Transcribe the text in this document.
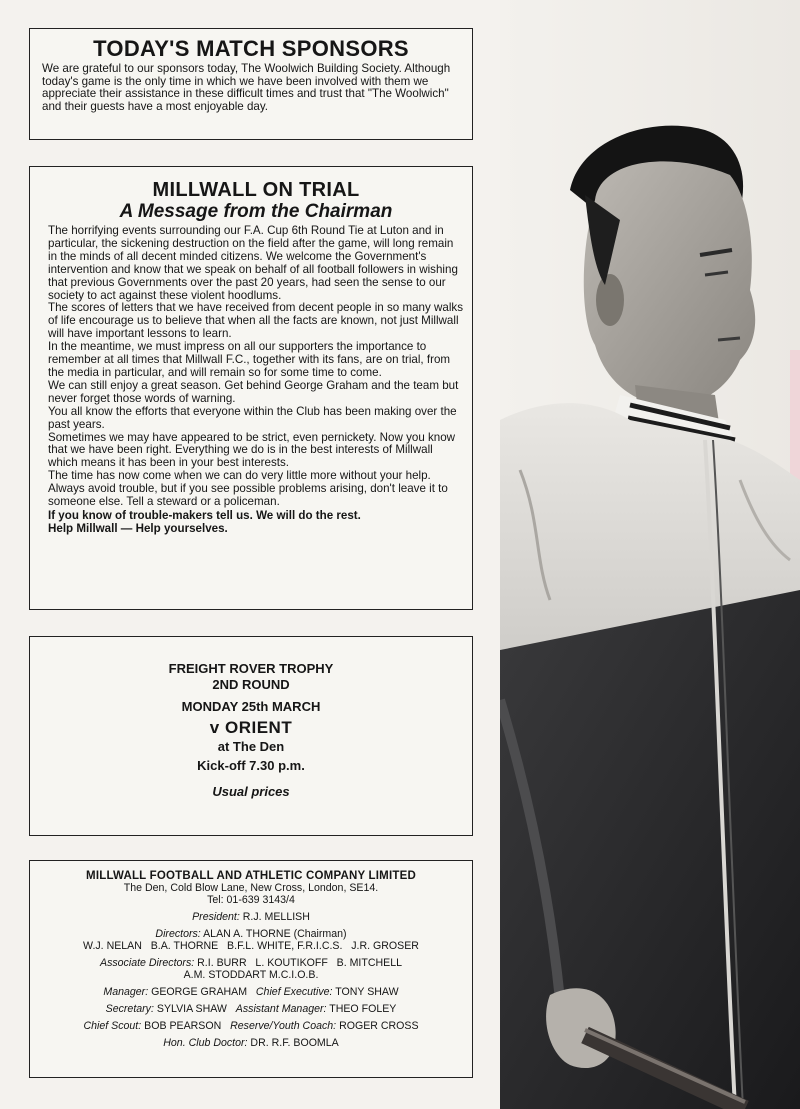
TODAY'S MATCH SPONSORS
We are grateful to our sponsors today, The Woolwich Building Society. Although today's game is the only time in which we have been involved with them we appreciate their assistance in these difficult times and trust that "The Woolwich" and their guests have a most enjoyable day.
MILLWALL ON TRIAL
A Message from the Chairman

The horrifying events surrounding our F.A. Cup 6th Round Tie at Luton and in particular, the sickening destruction on the field after the game, will long remain in the minds of all decent minded citizens. We welcome the Government's intervention and know that we speak on behalf of all football followers in wishing that previous Governments over the past 20 years, had seen the sense to our society to act against these violent hoodlums.

The scores of letters that we have received from decent people in so many walks of life encourage us to believe that when all the facts are known, not just Millwall will have important lessons to learn.

In the meantime, we must impress on all our supporters the importance to remember at all times that Millwall F.C., together with its fans, are on trial, from the media in particular, and will remain so for some time to come.

We can still enjoy a great season. Get behind George Graham and the team but never forget those words of warning.

You all know the efforts that everyone within the Club has been making over the past years.

Sometimes we may have appeared to be strict, even pernickety. Now you know that we have been right. Everything we do is in the best interests of Millwall which means it has been in your best interests.

The time has now come when we can do very little more without your help.

Always avoid trouble, but if you see possible problems arising, don't leave it to someone else. Tell a steward or a policeman.

If you know of trouble-makers tell us. We will do the rest.

Help Millwall — Help yourselves.

FREIGHT ROVER TROPHY
2ND ROUND
MONDAY 25th MARCH
v ORIENT
at The Den
Kick-off 7.30 p.m.
Usual prices
MILLWALL FOOTBALL AND ATHLETIC COMPANY LIMITED
The Den, Cold Blow Lane, New Cross, London, SE14.
Tel: 01-639 3143/4
President: R.J. MELLISH
Directors: ALAN A. THORNE (Chairman)
W.J. NELAN   B.A. THORNE   B.F.L. WHITE, F.R.I.C.S.   J.R. GROSER
Associate Directors: R.I. BURR   L. KOUTIKOFF   B. MITCHELL
A.M. STODDART M.C.I.O.B.
Manager: GEORGE GRAHAM Chief Executive: TONY SHAW
Secretary: SYLVIA SHAW Assistant Manager: THEO FOLEY
Chief Scout: BOB PEARSON Reserve/Youth Coach: ROGER CROSS
Hon. Club Doctor: DR. R.F. BOOMLA
